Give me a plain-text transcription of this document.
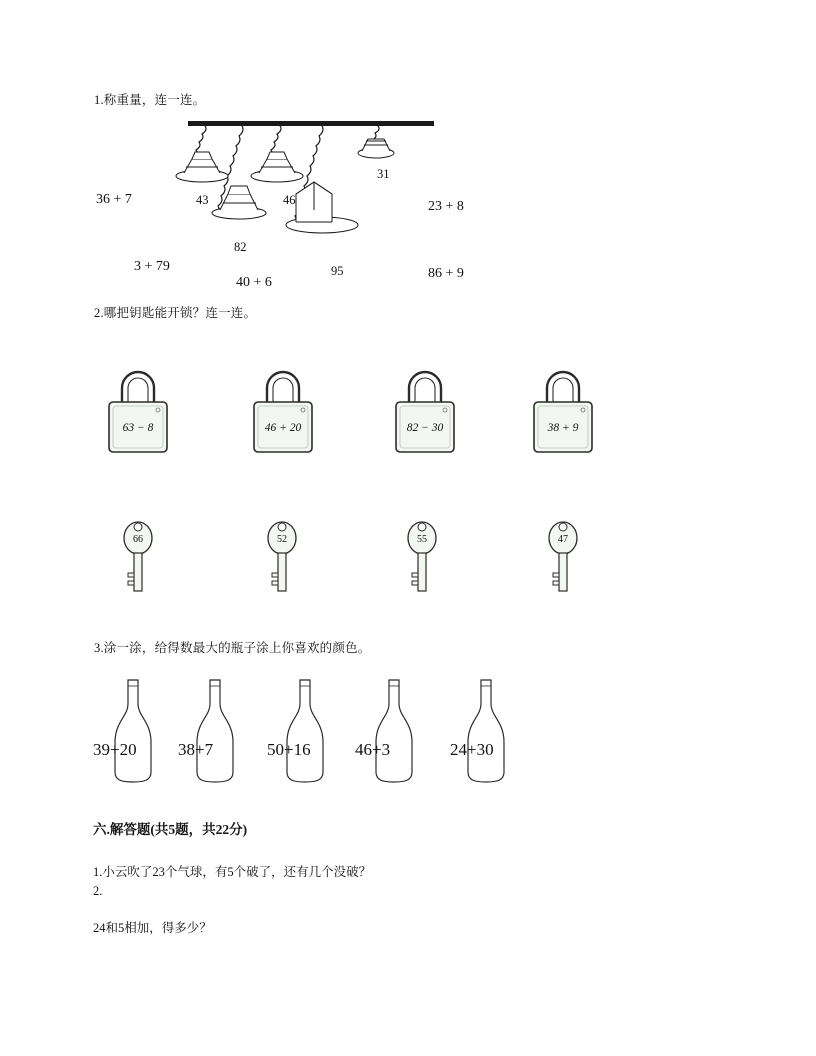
1.称重量，连一连。
43	46
31
82
95
36 + 7
3 + 79
40 + 6
23 + 8
86 + 9
2.哪把钥匙能开锁？连一连。
63 − 8	46 + 20	82 − 30	38 + 9
66	52	55	47
3.涂一涂，给得数最大的瓶子涂上你喜欢的颜色。
39+20 38+7	50+16	46+3	24+30
六.解答题(共5题，共22分)
1.小云吹了23个气球，有5个破了，还有几个没破？
2.
24和5相加，得多少？
